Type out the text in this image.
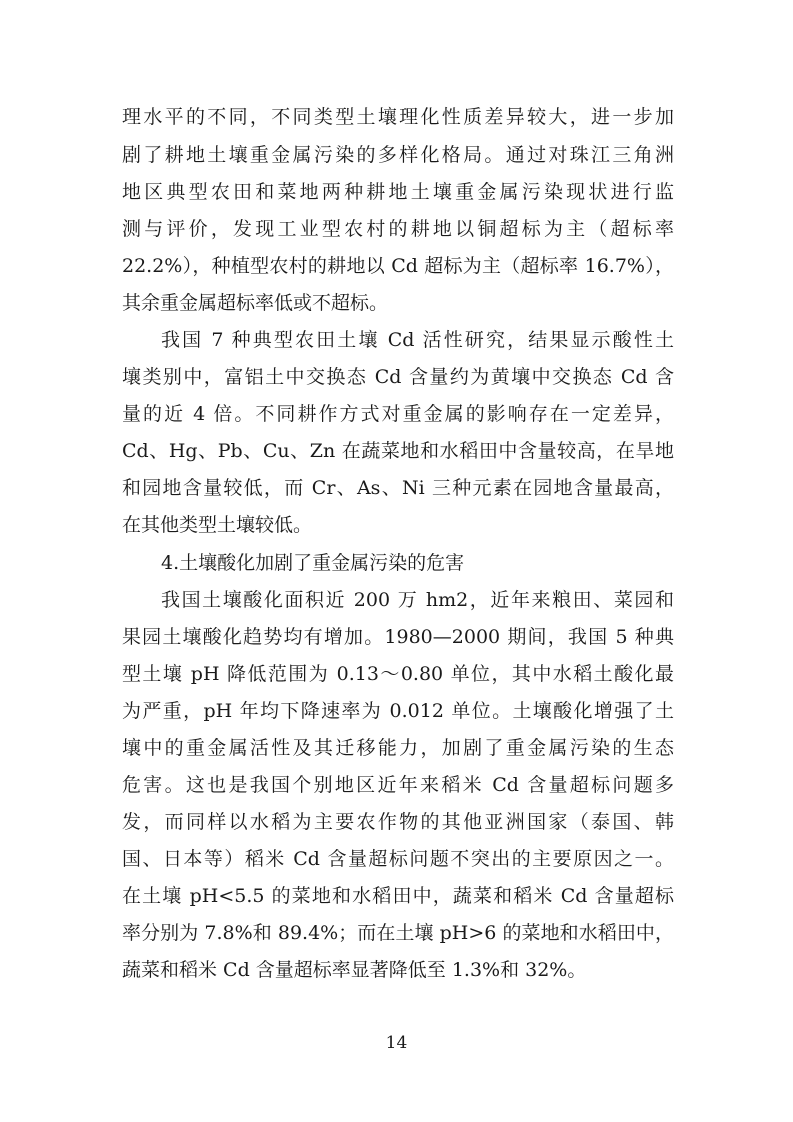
理水平的不同，不同类型土壤理化性质差异较大，进一步加
剧了耕地土壤重金属污染的多样化格局。通过对珠江三角洲
地区典型农田和菜地两种耕地土壤重金属污染现状进行监
测与评价，发现工业型农村的耕地以铜超标为主（超标率
22.2%），种植型农村的耕地以 Cd 超标为主（超标率 16.7%），
其余重金属超标率低或不超标。
我国 7 种典型农田土壤 Cd 活性研究，结果显示酸性土
壤类别中，富铝土中交换态 Cd 含量约为黄壤中交换态 Cd 含
量的近 4 倍。不同耕作方式对重金属的影响存在一定差异，
Cd、Hg、Pb、Cu、Zn 在蔬菜地和水稻田中含量较高，在旱地
和园地含量较低，而 Cr、As、Ni 三种元素在园地含量最高，
在其他类型土壤较低。
4.土壤酸化加剧了重金属污染的危害
我国土壤酸化面积近 200 万 hm2，近年来粮田、菜园和
果园土壤酸化趋势均有增加。1980—2000 期间，我国 5 种典
型土壤 pH 降低范围为 0.13～0.80 单位，其中水稻土酸化最
为严重，pH 年均下降速率为 0.012 单位。土壤酸化增强了土
壤中的重金属活性及其迁移能力，加剧了重金属污染的生态
危害。这也是我国个别地区近年来稻米 Cd 含量超标问题多
发，而同样以水稻为主要农作物的其他亚洲国家（泰国、韩
国、日本等）稻米 Cd 含量超标问题不突出的主要原因之一。
在土壤 pH<5.5 的菜地和水稻田中，蔬菜和稻米 Cd 含量超标
率分别为 7.8%和 89.4%；而在土壤 pH>6 的菜地和水稻田中，
蔬菜和稻米 Cd 含量超标率显著降低至 1.3%和 32%。
14
